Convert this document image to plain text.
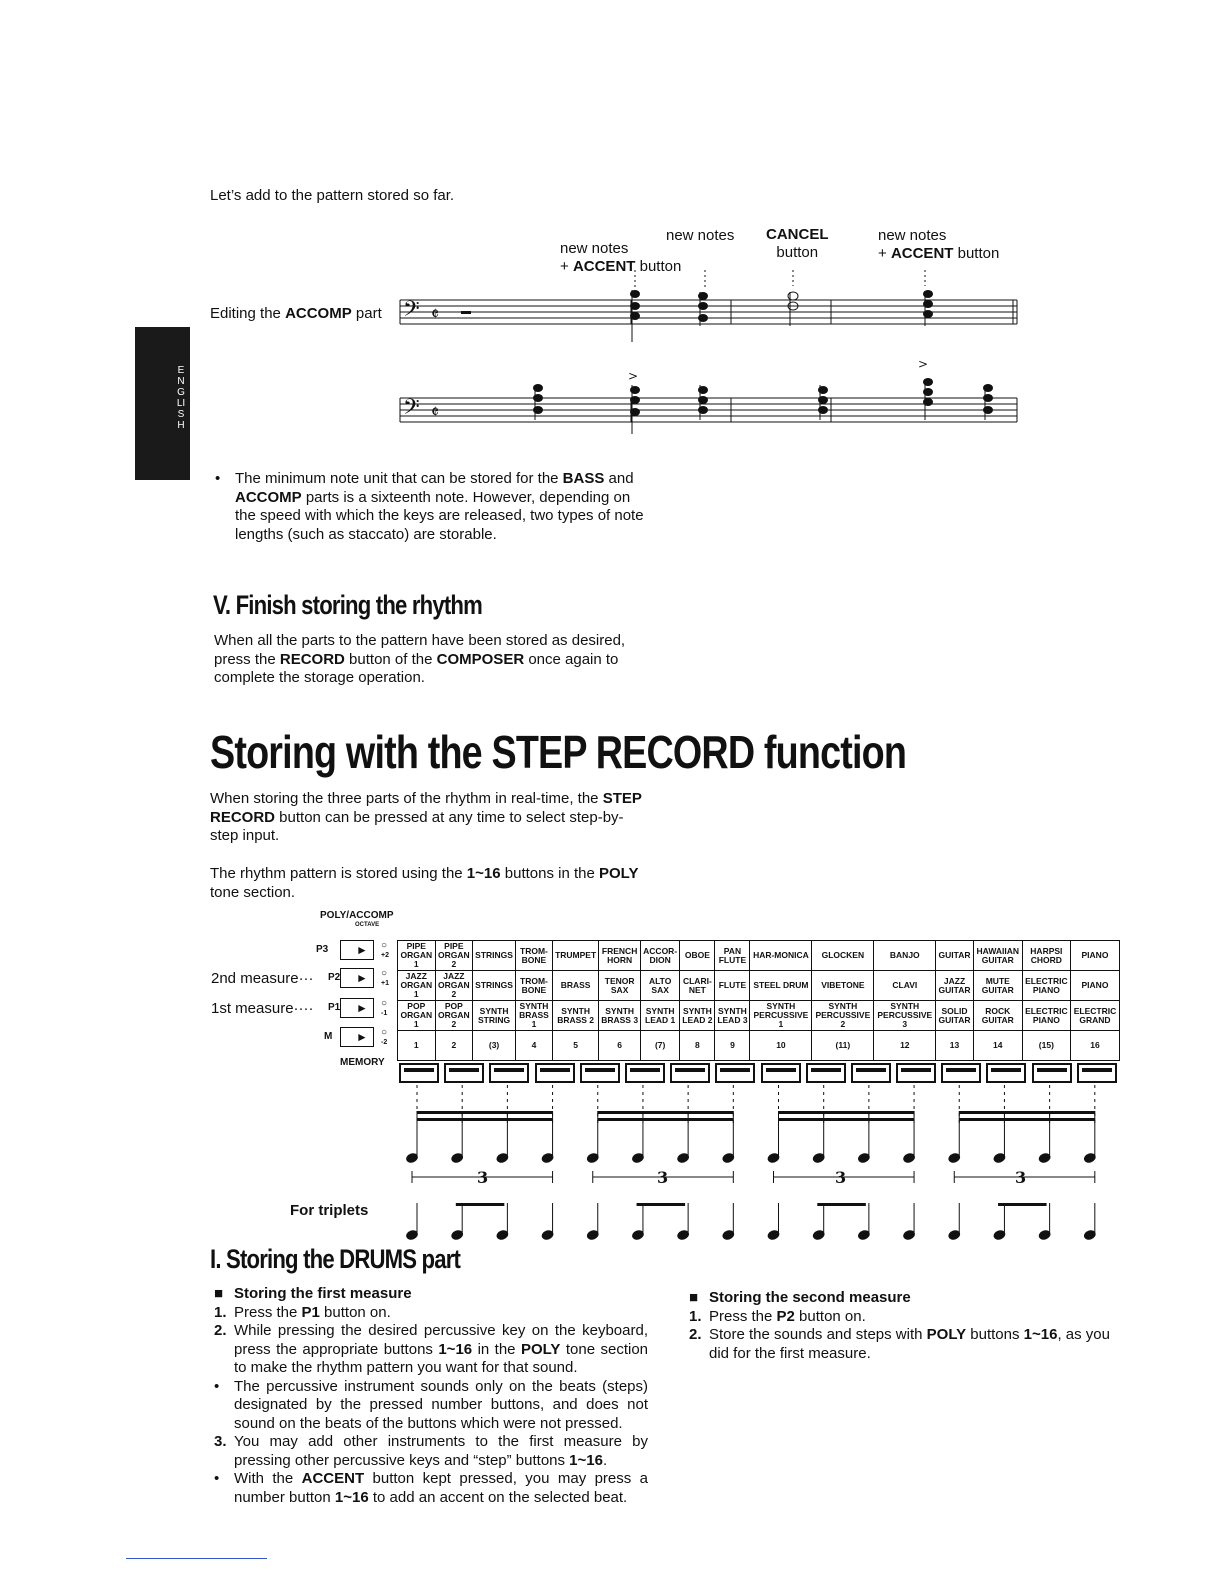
ENGLISH
Let’s add to the pattern stored so far.
new notes
+ ACCENT button
new notes CANCEL
button
new notes
+ ACCENT button
Editing the ACCOMP part 𝄢 𝄵
𝄢 𝄵
>
>
• The minimum note unit that can be stored for the BASS and ACCOMP parts is a sixteenth note. However, depending on the speed with which the keys are released, two types of note lengths (such as staccato) are storable.
V. Finish storing the rhythm
When all the parts to the pattern have been stored as desired, press the RECORD button of the COMPOSER once again to complete the storage operation.
Storing with the STEP RECORD function
When storing the three parts of the rhythm in real-time, the STEP RECORD button can be pressed at any time to select step-by-step input.
The rhythm pattern is stored using the 1~16 buttons in the POLY tone section.
POLY/ACCOMP
OCTAVE
MEMORY
2nd measure···
1st measure····
P3 ►	○
+2
P2 ►	○
+1
P1 ►	○
-1
M ►	○
-2
PIPE ORGAN 1	PIPE ORGAN 2	STRINGS	TROM-BONE	TRUMPET	FRENCH HORN	ACCOR-DION	OBOE	PAN FLUTE	HAR-MONICA	GLOCKEN	BANJO	GUITAR	HAWAIIAN GUITAR	HARPSI CHORD	PIANO
JAZZ ORGAN 1	JAZZ ORGAN 2	STRINGS	TROM-BONE	BRASS	TENOR SAX	ALTO SAX	CLARI-NET	FLUTE	STEEL DRUM	VIBETONE	CLAVI	JAZZ GUITAR	MUTE GUITAR	ELECTRIC PIANO	PIANO
POP ORGAN 1	POP ORGAN 2	SYNTH STRING	SYNTH BRASS 1	SYNTH BRASS 2	SYNTH BRASS 3	SYNTH LEAD 1	SYNTH LEAD 2	SYNTH LEAD 3	SYNTH PERCUSSIVE 1	SYNTH PERCUSSIVE 2	SYNTH PERCUSSIVE 3	SOLID GUITAR	ROCK GUITAR	ELECTRIC PIANO	ELECTRIC GRAND
1	2	(3)	4	5	6	(7)	8	9	10	(11)	12	13	14	(15)	16
3	3	3	3
For triplets
I. Storing the DRUMS part
■ Storing the first measure
1. Press the P1 button on.
2. While pressing the desired percussive key on the keyboard, press the appropriate buttons 1~16 in the POLY tone section to make the rhythm pattern you want for that sound.
• The percussive instrument sounds only on the beats (steps) designated by the pressed number buttons, and does not sound on the beats of the buttons which were not pressed.
3. You may add other instruments to the first measure by pressing other percussive keys and “step” buttons 1~16.
• With the ACCENT button kept pressed, you may press a number button 1~16 to add an accent on the selected beat.
■ Storing the second measure
1. Press the P2 button on.
2. Store the sounds and steps with POLY buttons 1~16, as you did for the first measure.
